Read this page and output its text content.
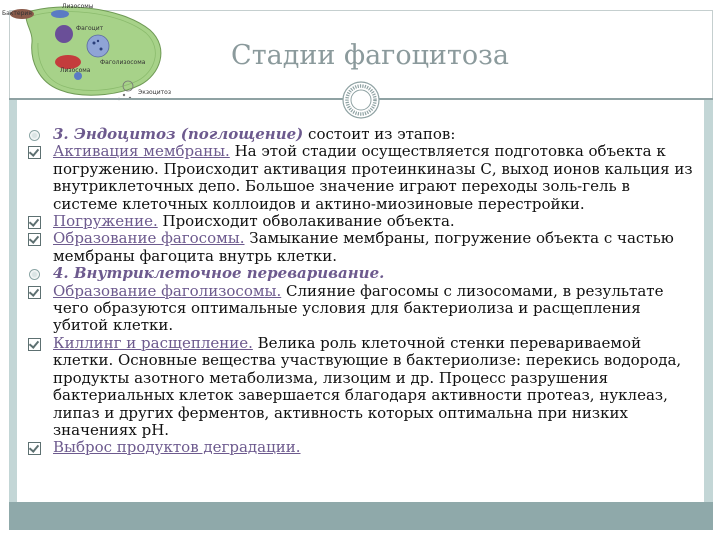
Бактерия
Лизосомы
Фагоцит
Фаголизосома
Лизосома
Экзоцитоз
Стадии фагоцитоза
3. Эндоцитоз (поглощение) состоит из этапов:
Активация мембраны. На этой стадии осуществляется подготовка объекта к погружению. Происходит активация протеинкиназы С, выход ионов кальция из внутриклеточных депо. Большое значение играют переходы золь-гель в системе клеточных коллоидов и актино-миозиновые перестройки.
Погружение. Происходит обволакивание объекта.
Образование фагосомы. Замыкание мембраны, погружение объекта с частью мембраны фагоцита внутрь клетки.
4. Внутриклеточное переваривание.
Образование фаголизосомы. Слияние фагосомы с лизосомами, в результате чего образуются оптимальные условия для бактериолиза и расщепления убитой клетки.
Киллинг и расщепление. Велика роль клеточной стенки перевариваемой клетки. Основные вещества участвующие в бактериолизе: перекись водорода, продукты азотного метаболизма, лизоцим и др. Процесс разрушения бактериальных клеток завершается благодаря активности протеаз, нуклеаз, липаз и других ферментов, активность которых оптимальна при низких значениях рН.
Выброс продуктов деградации.
